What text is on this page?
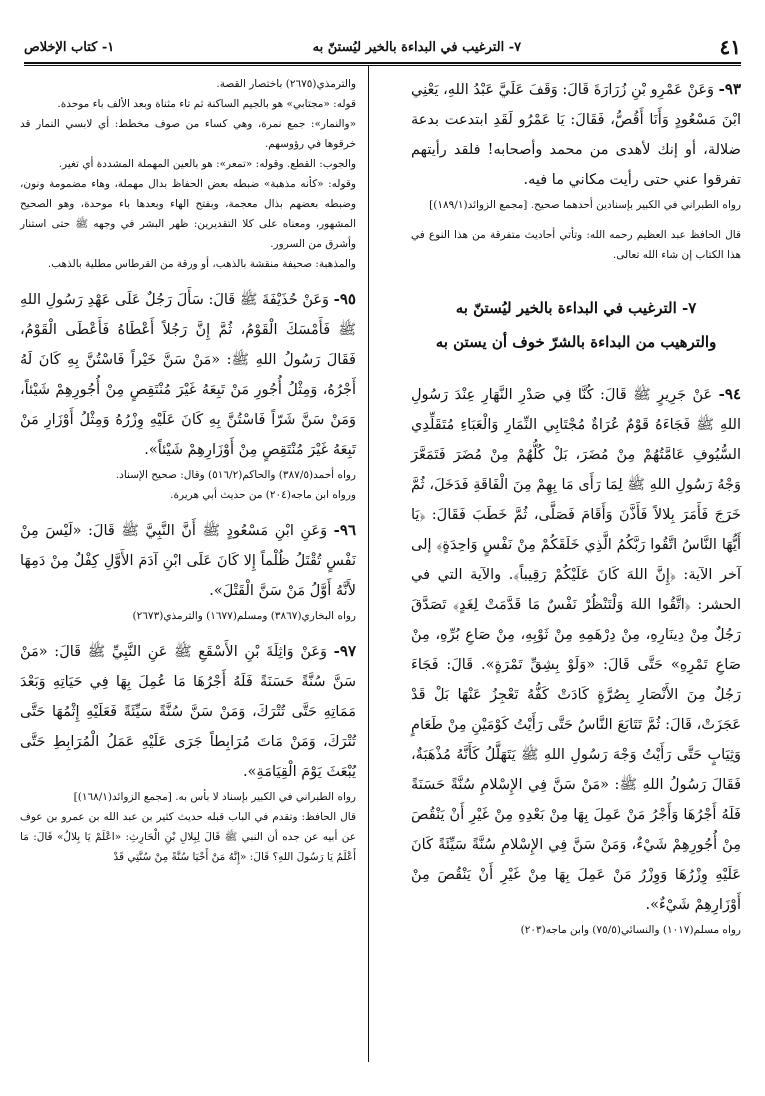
٤١
٧- الترغيب في البداءة بالخير ليُستنّ به
١- كتاب الإخلاص

٩٣- وَعَنْ عَمْرِو بْنِ زُرَارَةَ قَالَ: وَقَفَ عَلَيَّ عَبْدُ اللهِ، يَعْنِي ابْنَ مَسْعُودٍ وَأَنَا أَقُصُّ، فَقَالَ: يَا عَمْرُو لَقَدِ ابتدعت بدعة ضلالة، أو إنك لأهدى من محمد وأصحابه! فلقد رأيتهم تفرقوا عني حتى رأيت مكاني ما فيه.

رواه الطبراني في الكبير بإسنادين أحدهما صحيح. [مجمع الزوائد(١٨٩/١)]

قال الحافظ عبد العظيم رحمه الله: وتأتي أحاديث متفرقة من هذا النوع في هذا الكتاب إن شاء الله تعالى.

٧- الترغيب في البداءة بالخير ليُستنّ به
والترهيب من البداءة بالشرّ خوف أن يستن به

٩٤- عَنْ جَرِيرٍ ﷺ قَالَ: كُنَّا فِي صَدْرِ النَّهَارِ عِنْدَ رَسُولِ اللهِ ﷺ فَجَاءَهُ قَوْمٌ عُرَاةٌ مُجْتَابِي النِّمَارِ وَالْعَبَاءِ مُتَقَلِّدِي السُّيُوفِ عَامَّتُهُمْ مِنْ مُضَرَ، بَلْ كُلُّهُمْ مِنْ مُضَرَ فَتَمَعَّرَ وَجْهُ رَسُولِ اللهِ ﷺ لِمَا رَأَى مَا بِهِمْ مِنَ الْفَاقَةِ فَدَخَلَ، ثُمَّ خَرَجَ فَأَمَرَ بِلالاً فَأَذَّنَ وَأَقَامَ فَصَلَّى، ثُمَّ خَطَبَ فَقَالَ: ﴿يَا أَيُّهَا النَّاسُ اتَّقُوا رَبَّكُمُ الَّذِي خَلَقَكُمْ مِنْ نَفْسٍ وَاحِدَةٍ﴾ إلى آخر الآية: ﴿إِنَّ اللهَ كَانَ عَلَيْكُمْ رَقِيباً﴾. والآية التي في الحشر: ﴿اتَّقُوا اللهَ وَلْتَنْظُرْ نَفْسٌ مَا قَدَّمَتْ لِغَدٍ﴾ تَصَدَّقَ رَجُلٌ مِنْ دِينَارِهِ، مِنْ دِرْهَمِهِ مِنْ ثَوْبِهِ، مِنْ صَاعِ بُرِّهِ، مِنْ صَاعِ تَمْرِهِ» حَتَّى قَالَ: «وَلَوْ بِشِقِّ تَمْرَةٍ». قَالَ: فَجَاءَ رَجُلٌ مِنَ الأَنْصَارِ بِصُرَّةٍ كَادَتْ كَفُّهُ تَعْجِزُ عَنْهَا بَلْ قَدْ عَجَزَتْ، قَالَ: ثُمَّ تَتَابَعَ النَّاسُ حَتَّى رَأَيْتُ كَوْمَيْنِ مِنْ طَعَامٍ وَثِيَابٍ حَتَّى رَأَيْتُ وَجْهَ رَسُولِ اللهِ ﷺ يَتَهَلَّلُ كَأَنَّهُ مُذْهَبَةٌ، فَقَالَ رَسُولُ اللهِ ﷺ: «مَنْ سَنَّ فِي الإِسْلامِ سُنَّةً حَسَنَةً فَلَهُ أَجْرُهَا وَأَجْرُ مَنْ عَمِلَ بِهَا مِنْ بَعْدِهِ مِنْ غَيْرِ أَنْ يَنْقُصَ مِنْ أُجُورِهِمْ شَيْءٌ، وَمَنْ سَنَّ فِي الإِسْلامِ سُنَّةً سَيِّئَةً كَانَ عَلَيْهِ وِزْرُهَا وَوِزْرُ مَنْ عَمِلَ بِهَا مِنْ غَيْرِ أَنْ يَنْقُصَ مِنْ أَوْزَارِهِمْ شَيْءٌ».

رواه مسلم(١٠١٧) والنسائي(٧٥/٥) وابن ماجه(٢٠٣)

والترمذي(٢٦٧٥) باختصار القصة.

قوله: «مجتابي» هو بالجيم الساكنة ثم تاء مثناة وبعد الألف باء موحدة.

«والنمار»: جمع نمرة، وهي كساء من صوف مخطط: أي لابسي النمار قد خرقوها في رؤوسهم.

والجوب: القطع. وقوله: «تمعر»: هو بالعين المهملة المشددة أي تغير.

وقوله: «كأنه مذهبة» ضبطه بعض الحفاظ بدال مهملة، وهاء مضمومة ونون، وضبطه بعضهم بذال معجمة، وبفتح الهاء وبعدها باء موحدة، وهو الصحيح المشهور، ومعناه على كلا التقديرين: ظهر البشر في وجهه ﷺ حتى استنار وأشرق من السرور.

والمذهبة: صحيفة منقشة بالذهب، أو ورقة من القرطاس مطلية بالذهب.

٩٥- وَعَنْ حُذَيْفَةَ ﷺ قَالَ: سَأَلَ رَجُلٌ عَلَى عَهْدِ رَسُولِ اللهِ ﷺ فَأَمْسَكَ الْقَوْمُ، ثُمَّ إِنَّ رَجُلاً أَعْطَاهُ فَأَعْطَى الْقَوْمُ، فَقَالَ رَسُولُ اللهِ ﷺ: «مَنْ سَنَّ خَيْراً فَاسْتُنَّ بِهِ كَانَ لَهُ أَجْرُهُ، وَمِثْلُ أُجُورِ مَنْ تَبِعَهُ غَيْرَ مُنْتَقِصٍ مِنْ أُجُورِهِمْ شَيْئاً، وَمَنْ سَنَّ شَرّاً فَاسْتُنَّ بِهِ كَانَ عَلَيْهِ وِزْرُهُ وَمِثْلُ أَوْزَارِ مَنْ تَبِعَهُ غَيْرَ مُنْتَقِصٍ مِنْ أَوْزَارِهِمْ شَيْئاً».

رواه أحمد(٣٨٧/٥) والحاكم(٥١٦/٢) وقال: صحيح الإسناد.

ورواه ابن ماجه(٢٠٤) من حديث أبي هريرة.

٩٦- وَعَنِ ابْنِ مَسْعُودٍ ﷺ أَنَّ النَّبِيَّ ﷺ قَالَ: «لَيْسَ مِنْ نَفْسٍ تُقْتَلُ ظُلْماً إِلا كَانَ عَلَى ابْنِ آدَمَ الأَوَّلِ كِفْلٌ مِنْ دَمِهَا لأَنَّهُ أَوَّلُ مَنْ سَنَّ الْقَتْلَ».

رواه البخاري(٣٨٦٧) ومسلم(١٦٧٧) والترمذي(٢٦٧٣)

٩٧- وَعَنْ وَاثِلَةَ بْنِ الأَسْقَعِ ﷺ عَنِ النَّبِيِّ ﷺ قَالَ: «مَنْ سَنَّ سُنَّةً حَسَنَةً فَلَهُ أَجْرُهَا مَا عُمِلَ بِهَا فِي حَيَاتِهِ وَبَعْدَ مَمَاتِهِ حَتَّى تُتْرَكَ، وَمَنْ سَنَّ سُنَّةً سَيِّئَةً فَعَلَيْهِ إِثْمُهَا حَتَّى تُتْرَكَ، وَمَنْ مَاتَ مُرَابِطاً جَرَى عَلَيْهِ عَمَلُ الْمُرَابِطِ حَتَّى يُبْعَثَ يَوْمَ الْقِيَامَةِ».

رواه الطبراني في الكبير بإسناد لا بأس به. [مجمع الزوائد(١٦٨/١)]

قال الحافظ: وتقدم في الباب قبله حديث كثير بن عبد الله بن عمرو بن عوف عن أبيه عن جده أن النبي ﷺ قَالَ لِبِلالِ بْنِ الْحَارِثِ: «اعْلَمْ يَا بِلالُ» قَالَ: مَا أَعْلَمُ يَا رَسُولَ اللهِ؟ قَالَ: «إِنَّهُ مَنْ أَحْيَا سُنَّةً مِنْ سُنَّتِي قَدْ
